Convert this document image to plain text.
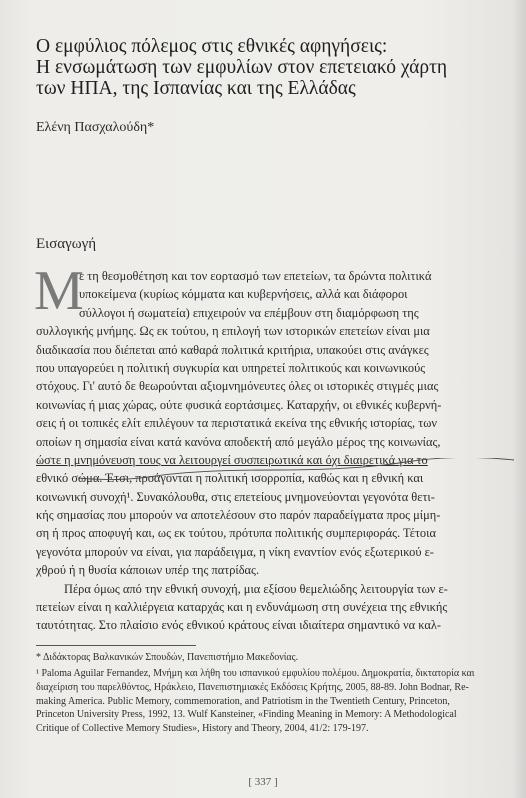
Ο εμφύλιος πόλεμος στις εθνικές αφηγήσεις:
Η ενσωμάτωση των εμφυλίων στον επετειακό χάρτη
των ΗΠΑ, της Ισπανίας και της Ελλάδας
Ελένη Πασχαλούδη*
Εισαγωγή
Μ
ε τη θεσμοθέτηση και τον εορτασμό των επετείων, τα δρώντα πολιτικά
υποκείμενα (κυρίως κόμματα και κυβερνήσεις, αλλά και διάφοροι
σύλλογοι ή σωματεία) επιχειρούν να επέμβουν στη διαμόρφωση της
συλλογικής μνήμης. Ως εκ τούτου, η επιλογή των ιστορικών επετείων είναι μια
διαδικασία που διέπεται από καθαρά πολιτικά κριτήρια, υπακούει στις ανάγκες
που υπαγορεύει η πολιτική συγκυρία και υπηρετεί πολιτικούς και κοινωνικούς
στόχους. Γι' αυτό δε θεωρούνται αξιομνημόνευτες όλες οι ιστορικές στιγμές μιας
κοινωνίας ή μιας χώρας, ούτε φυσικά εορτάσιμες. Καταρχήν, οι εθνικές κυβερνή-
σεις ή οι τοπικές ελίτ επιλέγουν τα περιστατικά εκείνα της εθνικής ιστορίας, των
οποίων η σημασία είναι κατά κανόνα αποδεκτή από μεγάλο μέρος της κοινωνίας,
ώστε η μνημόνευση τους να λειτουργεί συσπειρωτικά και όχι διαιρετικά για το
εθνικό σώμα. Έτσι, προάγονται η πολιτική ισορροπία, καθώς και η εθνική και
κοινωνική συνοχή¹. Συνακόλουθα, στις επετείους μνημονεύονται γεγονότα θετι-
κής σημασίας που μπορούν να αποτελέσουν στο παρόν παραδείγματα προς μίμη-
ση ή προς αποφυγή και, ως εκ τούτου, πρότυπα πολιτικής συμπεριφοράς. Τέτοια
γεγονότα μπορούν να είναι, για παράδειγμα, η νίκη εναντίον ενός εξωτερικού ε-
χθρού ή η θυσία κάποιων υπέρ της πατρίδας.
Πέρα όμως από την εθνική συνοχή, μια εξίσου θεμελιώδης λειτουργία των ε-
πετείων είναι η καλλιέργεια καταρχάς και η ενδυνάμωση στη συνέχεια της εθνικής
ταυτότητας. Στο πλαίσιο ενός εθνικού κράτους είναι ιδιαίτερα σημαντικό να καλ-
* Διδάκτορας Βαλκανικών Σπουδών, Πανεπιστήμιο Μακεδονίας.
[ 337 ]
¹ Paloma Aguilar Fernandez, Μνήμη και λήθη του ισπανικού εμφυλίου πολέμου. Δημοκρατία, δικτατορία και
διαχείριση του παρελθόντος, Ηράκλειο, Πανεπιστημιακές Εκδόσεις Κρήτης, 2005, 88-89. John Bodnar, Re-
making America. Public Memory, commemoration, and Patriotism in the Twentieth Century, Princeton,
Princeton University Press, 1992, 13. Wulf Kansteiner, «Finding Meaning in Memory: A Methodological
Critique of Collective Memory Studies», History and Theory, 2004, 41/2: 179-197.
